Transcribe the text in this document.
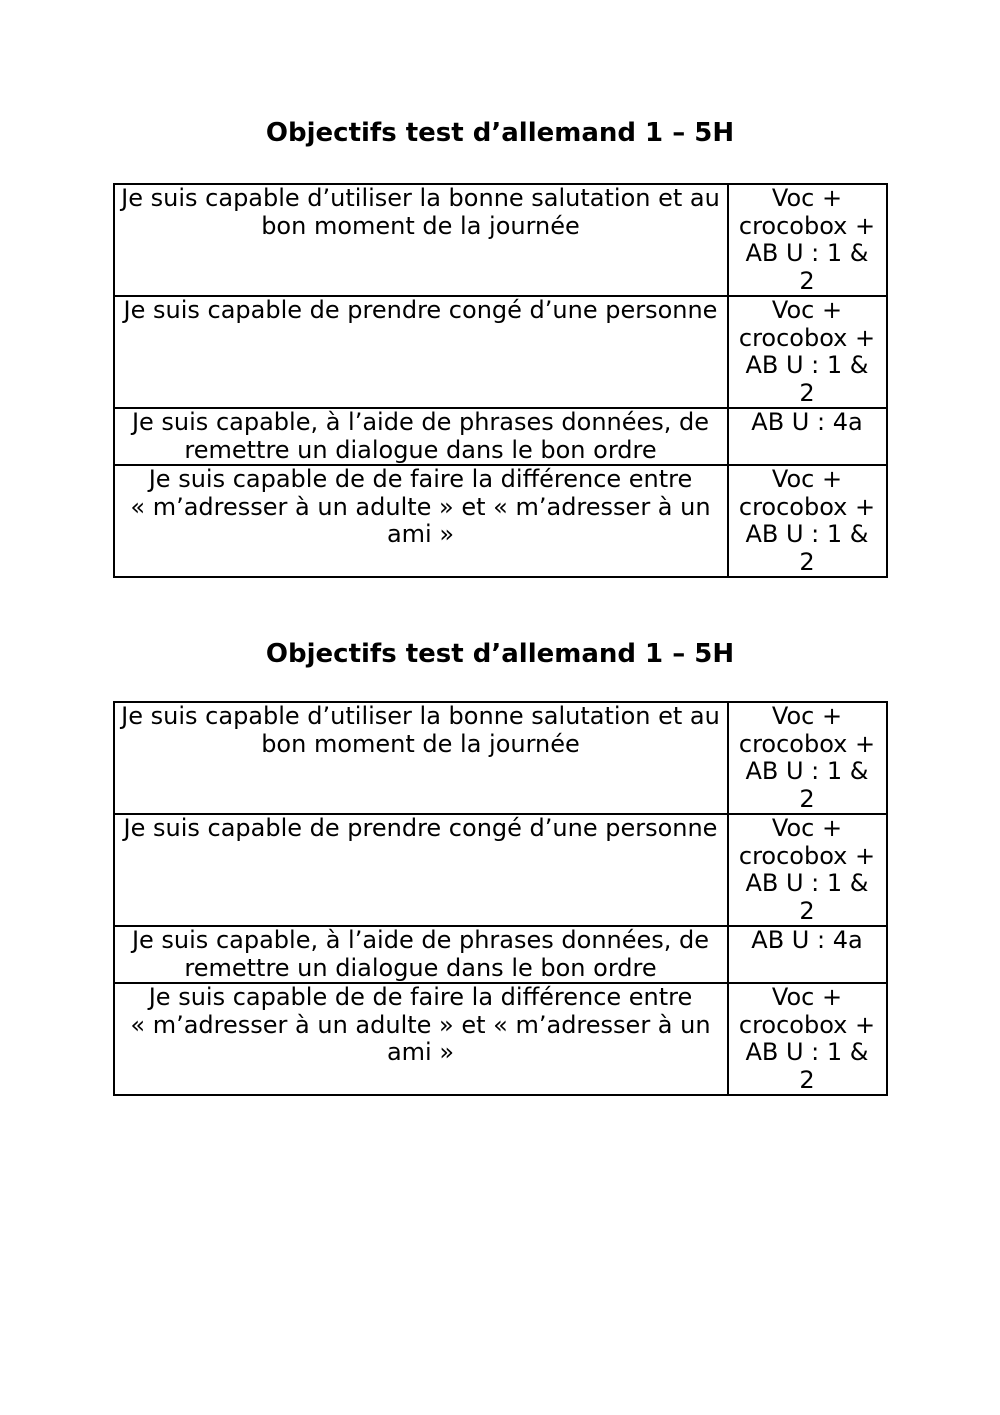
Objectifs test d’allemand 1 – 5H
Je suis capable d’utiliser la bonne salutation et au bon moment de la journée	Voc + crocobox + AB U : 1 & 2
Je suis capable de prendre congé d’une personne	Voc + crocobox + AB U : 1 & 2
Je suis capable, à l’aide de phrases données, de remettre un dialogue dans le bon ordre	AB U : 4a
Je suis capable de de faire la différence entre « m’adresser à un adulte » et « m’adresser à un ami »	Voc + crocobox + AB U : 1 & 2
Objectifs test d’allemand 1 – 5H
Je suis capable d’utiliser la bonne salutation et au bon moment de la journée	Voc + crocobox + AB U : 1 & 2
Je suis capable de prendre congé d’une personne	Voc + crocobox + AB U : 1 & 2
Je suis capable, à l’aide de phrases données, de remettre un dialogue dans le bon ordre	AB U : 4a
Je suis capable de de faire la différence entre « m’adresser à un adulte » et « m’adresser à un ami »	Voc + crocobox + AB U : 1 & 2
